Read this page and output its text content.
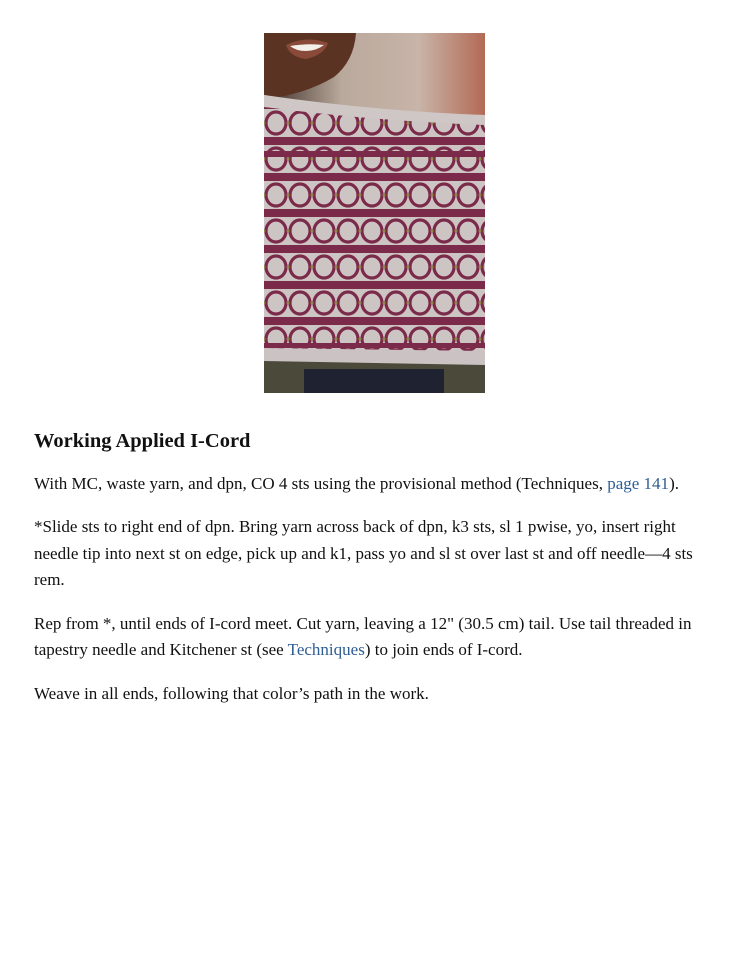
Working Applied I-Cord

With MC, waste yarn, and dpn, CO 4 sts using the provisional method (Techniques, page 141).

*Slide sts to right end of dpn. Bring yarn across back of dpn, k3 sts, sl 1 pwise, yo, insert right needle tip into next st on edge, pick up and k1, pass yo and sl st over last st and off needle—4 sts rem.

Rep from *, until ends of I-cord meet. Cut yarn, leaving a 12" (30.5 cm) tail. Use tail threaded in tapestry needle and Kitchener st (see Techniques) to join ends of I-cord.

Weave in all ends, following that color’s path in the work.
